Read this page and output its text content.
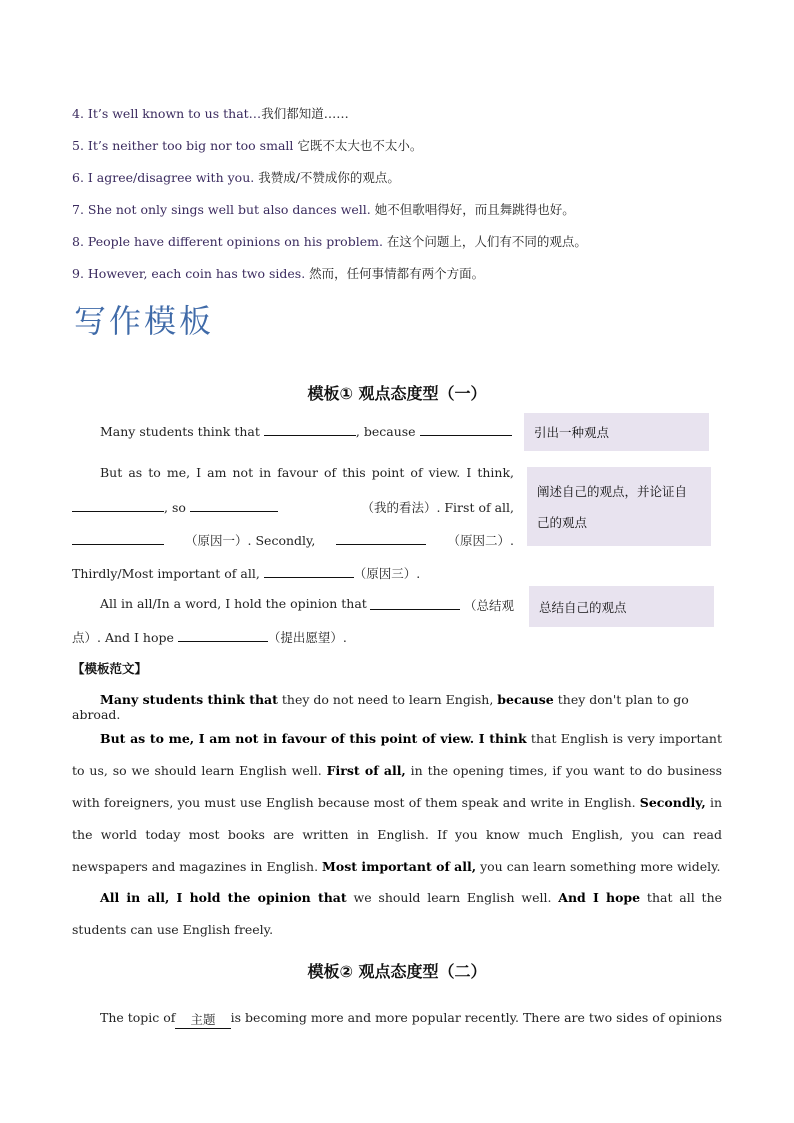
4. It’s well known to us that…我们都知道……
5. It’s neither too big nor too small 它既不太大也不太小。
6. I agree/disagree with you. 我赞成/不赞成你的观点。
7. She not only sings well but also dances well. 她不但歌唱得好，而且舞跳得也好。
8. People have different opinions on his problem. 在这个问题上，人们有不同的观点。
9. However, each coin has two sides. 然而，任何事情都有两个方面。
写作模板
模板① 观点态度型（一）
Many students think that	, because	引出一种观点
But as to me, I am not in favour of this point of view. I think,
, so	（我的看法）. First of all,
（原因一）. Secondly,	（原因二）.
阐述自己的观点，并论证自
己的观点
Thirdly/Most important of all,	（原因三）.
All in all/In a word, I hold the opinion that	（总结观 总结自己的观点
点）. And I hope	（提出愿望）.
【模板范文】
Many students think that they do not need to learn Engish, because they don't plan to go abroad.
But as to me, I am not in favour of this point of view. I think that English is very important to us, so we should learn English well. First of all, in the opening times, if you want to do business with foreigners, you must use English because most of them speak and write in English. Secondly, in the world today most books are written in English. If you know much English, you can read newspapers and magazines in English. Most important of all, you can learn something more widely.
All in all, I hold the opinion that we should learn English well. And I hope that all the students can use English freely.
模板② 观点态度型（二）
The topic of	主题	is becoming more and more popular recently. There are two sides of opinions
